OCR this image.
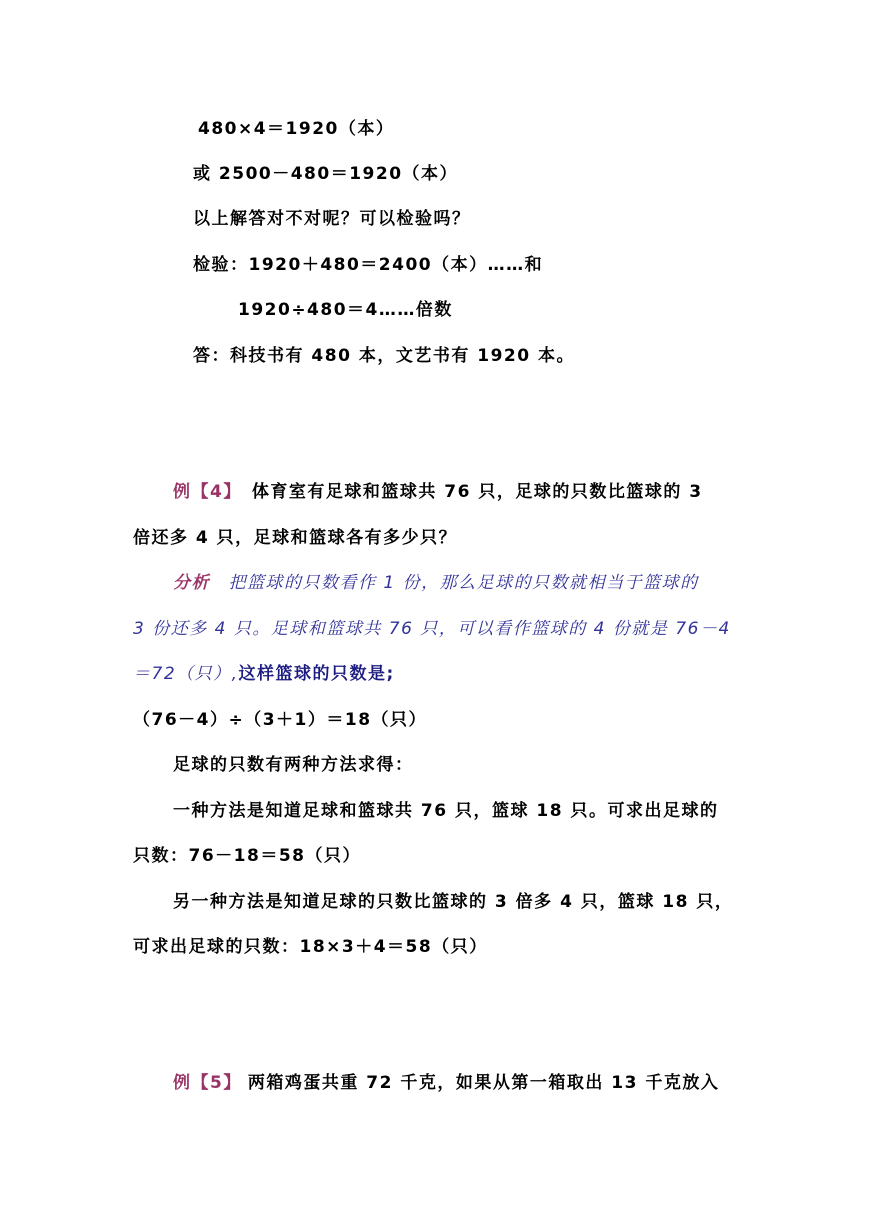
480×4＝1920（本）
或 2500－480＝1920（本）
以上解答对不对呢？可以检验吗？
检验：1920＋480＝2400（本）……和
1920÷480＝4……倍数
答：科技书有 480 本，文艺书有 1920 本。
例【4】　体育室有足球和篮球共 76 只，足球的只数比篮球的 3
倍还多 4 只，足球和篮球各有多少只？
分析　把篮球的只数看作 1 份，那么足球的只数就相当于篮球的
3 份还多 4 只。足球和篮球共 76 只，可以看作篮球的 4 份就是 76－4
＝72（只）,这样篮球的只数是;
（76－4）÷（3＋1）＝18（只）
足球的只数有两种方法求得：
一种方法是知道足球和篮球共 76 只，篮球 18 只。可求出足球的
只数：76－18＝58（只）
另一种方法是知道足球的只数比篮球的 3 倍多 4 只，篮球 18 只，
可求出足球的只数：18×3＋4＝58（只）
例【5】 两箱鸡蛋共重 72 千克，如果从第一箱取出 13 千克放入
